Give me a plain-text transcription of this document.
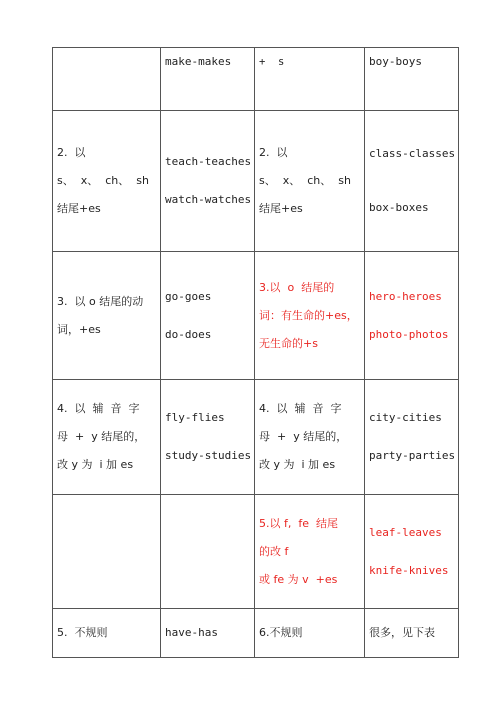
	make-makes	+  s	boy-boys

2.  以
s、  x、  ch、  sh
结尾+es	teach-teaches
watch-watches	2.  以
s、  x、  ch、  sh
结尾+es	class-classes
box-boxes

3.  以 o 结尾的动
词，+es	go-goes
do-does	3.以  o  结尾的
词：有生命的+es，
无生命的+s	hero-heroes
photo-photos

4.  以  辅  音  字
母  +  y 结尾的，
改 y 为  i 加 es	fly-flies
study-studies	4.  以  辅  音  字
母  +  y 结尾的，
改 y 为  i 加 es	city-cities
party-parties

		5.以 f,  fe  结尾
的改 f
或 fe 为 v  +es	leaf-leaves
knife-knives

5.  不规则	have-has	6.不规则	很多，见下表
